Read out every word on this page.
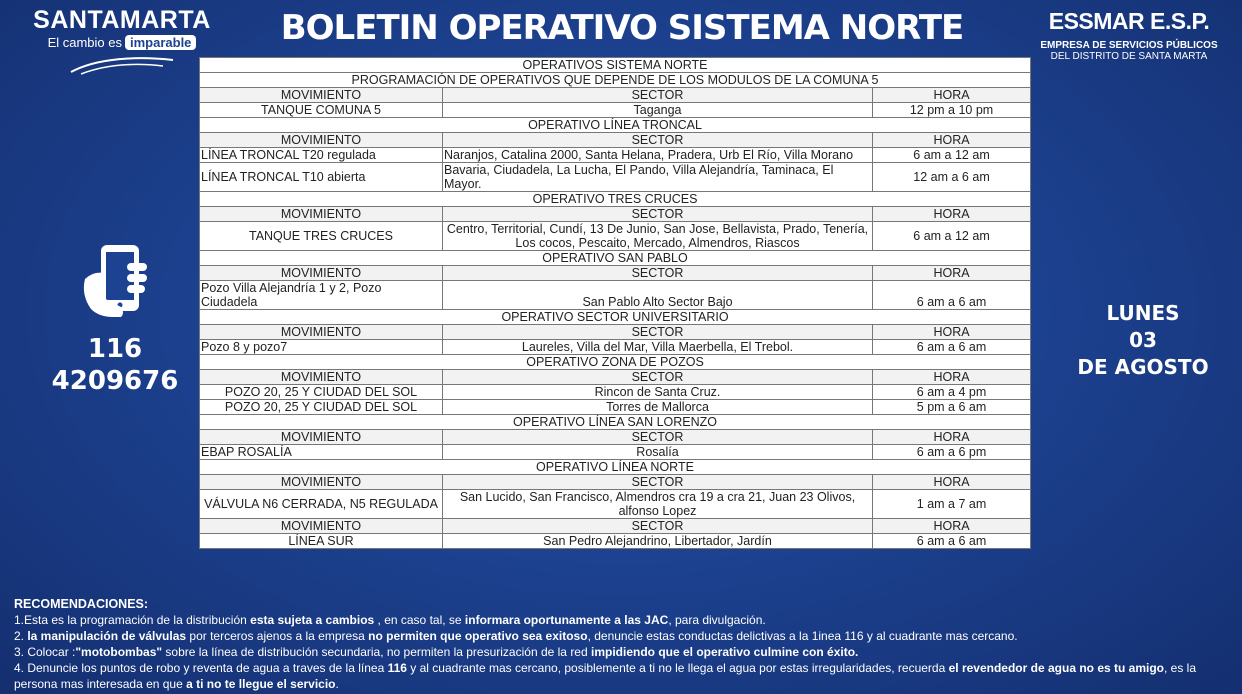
SANTAMARTA
El cambio es imparable	BOLETIN OPERATIVO SISTEMA NORTE	ESSMAR E.S.P.
EMPRESA DE SERVICIOS PÚBLICOS
DEL DISTRITO DE SANTA MARTA
116
4209676
LUNES
03
DE AGOSTO
OPERATIVOS SISTEMA NORTE		
PROGRAMACIÓN DE OPERATIVOS QUE DEPENDE DE LOS MODULOS DE LA COMUNA 5		
MOVIMIENTO	SECTOR	HORA
TANQUE COMUNA 5	Taganga	12 pm a 10 pm
OPERATIVO LÍNEA TRONCAL		
MOVIMIENTO	SECTOR	HORA
LÍNEA TRONCAL T20 regulada	Naranjos, Catalina 2000, Santa Helana, Pradera, Urb El Río, Villa Morano	6 am a 12 am
LÍNEA TRONCAL T10 abierta	Bavaria, Ciudadela, La Lucha, El Pando, Villa Alejandría, Taminaca, El Mayor.	12 am a 6 am
OPERATIVO TRES CRUCES		
MOVIMIENTO	SECTOR	HORA
TANQUE TRES CRUCES	Centro, Territorial, Cundí, 13 De Junio, San Jose, Bellavista, Prado, Tenería, Los cocos, Pescaito, Mercado, Almendros, Riascos	6 am a 12 am
OPERATIVO SAN PABLO		
MOVIMIENTO	SECTOR	HORA
Pozo Villa Alejandría 1 y 2, Pozo Ciudadela	San Pablo Alto Sector Bajo	6 am a 6 am
OPERATIVO SECTOR UNIVERSITARIO		
MOVIMIENTO	SECTOR	HORA
Pozo 8 y pozo7	Laureles, Villa del Mar, Villa Maerbella, El Trebol.	6 am a 6 am
OPERATIVO ZONA DE POZOS		
MOVIMIENTO	SECTOR	HORA
POZO 20, 25 Y CIUDAD DEL SOL	Rincon de Santa Cruz.	6 am a 4 pm
POZO 20, 25 Y CIUDAD DEL SOL	Torres de Mallorca	5 pm a 6 am
OPERATIVO LÍNEA SAN LORENZO		
MOVIMIENTO	SECTOR	HORA
EBAP ROSALÍA	Rosalía	6 am a 6 pm
OPERATIVO LÍNEA NORTE		
MOVIMIENTO	SECTOR	HORA
VÁLVULA N6 CERRADA, N5 REGULADA	San Lucido, San Francisco, Almendros cra 19 a cra 21, Juan 23 Olivos, alfonso Lopez	1 am a 7 am
MOVIMIENTO	SECTOR	HORA
LÍNEA SUR	San Pedro Alejandrino, Libertador, Jardín	6 am a 6 am
RECOMENDACIONES:
1.Esta es la programación de la distribución esta sujeta a cambios , en caso tal, se informara oportunamente a las JAC, para divulgación.
2. la manipulación de válvulas por terceros ajenos a la empresa no permiten que operativo sea exitoso, denuncie estas conductas delictivas a la 1inea 116 y al cuadrante mas cercano.
3. Colocar :"motobombas" sobre la línea de distribución secundaria, no permiten la presurización de la red impidiendo que el operativo culmine con éxito.
4. Denuncie los puntos de robo y reventa de agua a traves de la línea 116 y al cuadrante mas cercano, posiblemente a ti no le llega el agua por estas irregularidades, recuerda el revendedor de agua no es tu amigo, es la persona mas interesada en que a ti no te llegue el servicio.
